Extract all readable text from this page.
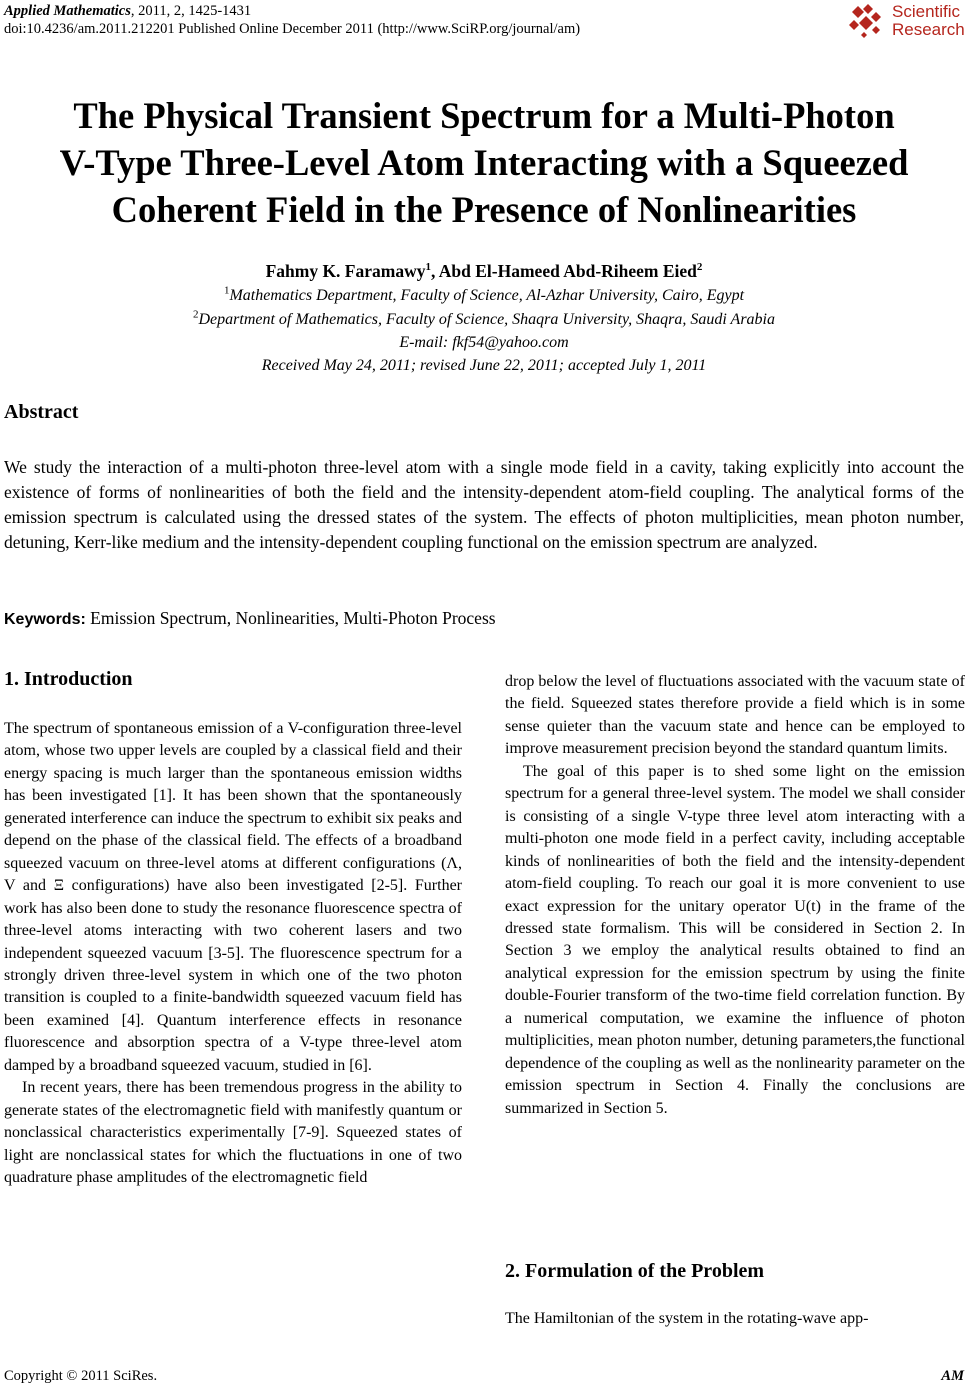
Applied Mathematics, 2011, 2, 1425-1431
doi:10.4236/am.2011.212201 Published Online December 2011 (http://www.SciRP.org/journal/am)
Scientific
Research
The Physical Transient Spectrum for a Multi-Photon
V-Type Three-Level Atom Interacting with a Squeezed
Coherent Field in the Presence of Nonlinearities
Fahmy K. Faramawy$^1$, Abd El-Hameed Abd-Riheem Eied$^2$
$^1$Mathematics Department, Faculty of Science, Al-Azhar University, Cairo, Egypt
$^2$Department of Mathematics, Faculty of Science, Shaqra University, Shaqra, Saudi Arabia
E-mail: fkf54@yahoo.com
Received May 24, 2011; revised June 22, 2011; accepted July 1, 2011
Abstract

We study the interaction of a multi-photon three-level atom with a single mode field in a cavity, taking explicitly into account the existence of forms of nonlinearities of both the field and the intensity-dependent atom-field coupling. The analytical forms of the emission spectrum is calculated using the dressed states of the system. The effects of photon multiplicities, mean photon number, detuning, Kerr-like medium and the intensity-dependent coupling functional on the emission spectrum are analyzed.

Keywords: Emission Spectrum, Nonlinearities, Multi-Photon Process
1. Introduction

The spectrum of spontaneous emission of a V-configuration three-level atom, whose two upper levels are coupled by a classical field and their energy spacing is much larger than the spontaneous emission widths has been investigated [1]. It has been shown that the spontaneously generated interference can induce the spectrum to exhibit six peaks and depend on the phase of the classical field. The effects of a broadband squeezed vacuum on three-level atoms at different configurations (Λ, V and Ξ configurations) have also been investigated [2-5]. Further work has also been done to study the resonance fluorescence spectra of three-level atoms interacting with two coherent lasers and two independent squeezed vacuum [3-5]. The fluorescence spectrum for a strongly driven three-level system in which one of the two photon transition is coupled to a finite-bandwidth squeezed vacuum field has been examined [4]. Quantum interference effects in resonance fluorescence and absorption spectra of a V-type three-level atom damped by a broadband squeezed vacuum, studied in [6].

In recent years, there has been tremendous progress in the ability to generate states of the electromagnetic field with manifestly quantum or nonclassical characteristics experimentally [7-9]. Squeezed states of light are nonclassical states for which the fluctuations in one of two quadrature phase amplitudes of the electromagnetic field

drop below the level of fluctuations associated with the vacuum state of the field. Squeezed states therefore provide a field which is in some sense quieter than the vacuum state and hence can be employed to improve measurement precision beyond the standard quantum limits.

The goal of this paper is to shed some light on the emission spectrum for a general three-level system. The model we shall consider is consisting of a single V-type three level atom interacting with a multi-photon one mode field in a perfect cavity, including acceptable kinds of nonlinearities of both the field and the intensity-dependent atom-field coupling. To reach our goal it is more convenient to use exact expression for the unitary operator U(t) in the frame of the dressed state formalism. This will be considered in Section 2. In Section 3 we employ the analytical results obtained to find an analytical expression for the emission spectrum by using the finite double-Fourier transform of the two-time field correlation function. By a numerical computation, we examine the influence of photon multiplicities, mean photon number, detuning parameters,the functional dependence of the coupling as well as the nonlinearity parameter on the emission spectrum in Section 4. Finally the conclusions are summarized in Section 5.

2. Formulation of the Problem

The Hamiltonian of the system in the rotating-wave app-

Copyright © 2011 SciRes.	AM
